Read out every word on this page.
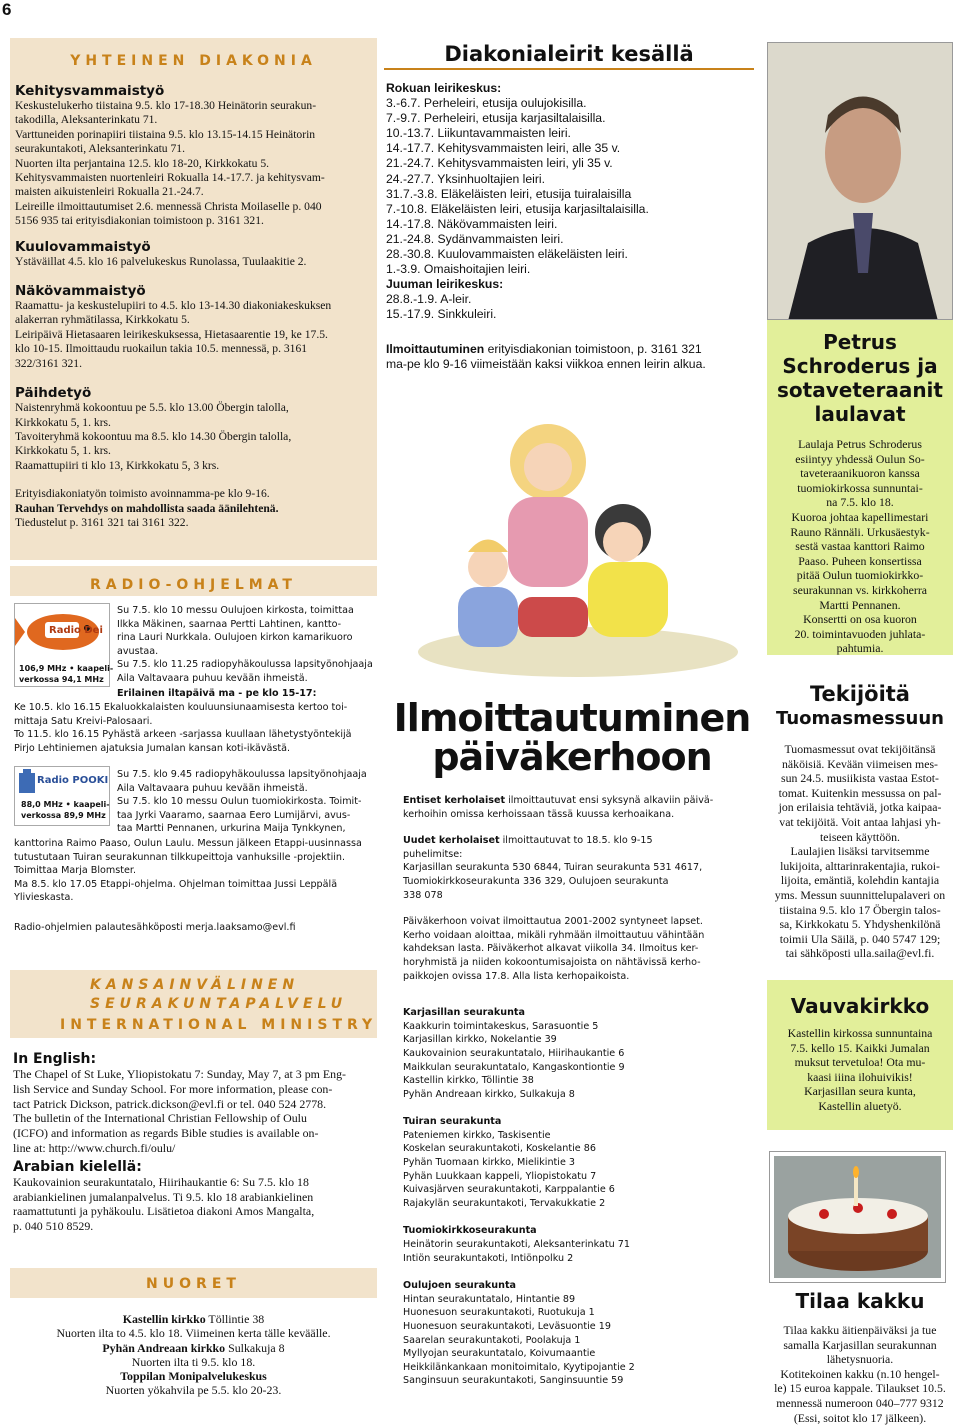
6
YHTEINEN DIAKONIA
Kehitysvammaistyö
Keskustelukerho tiistaina 9.5. klo 17-18.30 Heinätorin seurakun-
takodilla, Aleksanterinkatu 71.
Varttuneiden porinapiiri tiistaina 9.5. klo 13.15-14.15 Heinätorin
seurakuntakoti, Aleksanterinkatu 71.
Nuorten ilta perjantaina 12.5. klo 18-20, Kirkkokatu 5.
Kehitysvammaisten nuortenleiri Rokualla 14.-17.7. ja kehitysvam-
maisten aikuistenleiri Rokualla 21.-24.7.
Leireille ilmoittautumiset 2.6. mennessä Christa Moilaselle p. 040
5156 935 tai erityisdiakonian toimistoon p. 3161 321.
Kuulovammaistyö
Ystäväillat 4.5. klo 16 palvelukeskus Runolassa, Tuulaakitie 2.
Näkövammaistyö
Raamattu- ja keskustelupiiri to 4.5. klo 13-14.30 diakoniakeskuksen
alakerran ryhmätilassa, Kirkkokatu 5.
Leiripäivä Hietasaaren leirikeskuksessa, Hietasaarentie 19, ke 17.5.
klo 10-15. Ilmoittaudu ruokailun takia 10.5. mennessä, p. 3161
322/3161 321.
Päihdetyö
Naistenryhmä kokoontuu pe 5.5. klo 13.00 Öbergin talolla,
Kirkkokatu 5, 1. krs.
Tavoiteryhmä kokoontuu ma 8.5. klo 14.30 Öbergin talolla,
Kirkkokatu 5, 1. krs.
Raamattupiiri ti klo 13, Kirkkokatu 5, 3 krs.
Erityisdiakoniatyön toimisto avoinnamma-pe klo 9-16.
Rauhan Tervehdys on mahdollista saada äänilehtenä.
Tiedustelut p. 3161 321 tai 3161 322.
RADIO-OHJELMAT
Radio Dei
106,9 MHz • kaapeli-
verkossa 94,1 MHz
Su 7.5. klo 10 messu Oulujoen kirkosta, toimittaa
Ilkka Mäkinen, saarnaa Pertti Lahtinen, kantto-
rina Lauri Nurkkala. Oulujoen kirkon kamarikuoro
avustaa.
Su 7.5. klo 11.25 radiopyhäkoulussa lapsityönohjaaja
Aila Valtavaara puhuu kevään ihmeistä.
Erilainen iltapäivä ma - pe klo 15-17:
Ke 10.5. klo 16.15 Ekaluokkalaisten kouluunsiunaamisesta kertoo toi-
mittaja Satu Kreivi-Palosaari.
To 11.5. klo 16.15 Pyhästä arkeen -sarjassa kuullaan lähetystyöntekijä
Pirjo Lehtiniemen ajatuksia Jumalan kansan koti-ikävästä.
Radio POOKI
88,0 MHz • kaapeli-
verkossa 89,9 MHz
Su 7.5. klo 9.45 radiopyhäkoulussa lapsityönohjaaja
Aila Valtavaara puhuu kevään ihmeistä.
Su 7.5. klo 10 messu Oulun tuomiokirkosta. Toimit-
taa Jyrki Vaaramo, saarnaa Eero Lumijärvi, avus-
taa Martti Pennanen, urkurina Maija Tynkkynen,
kanttorina Raimo Paaso, Oulun Laulu. Messun jälkeen Etappi-uusinnassa
tutustutaan Tuiran seurakunnan tilkkupeittoja vanhuksille -projektiin.
Toimittaa Marja Blomster.
Ma 8.5. klo 17.05 Etappi-ohjelma. Ohjelman toimittaa Jussi Leppälä
Ylivieskasta.
Radio-ohjelmien palautesähköposti merja.laaksamo@evl.fi
KANSAINVÄLINEN
SEURAKUNTAPALVELU
INTERNATIONAL MINISTRY
In English:
The Chapel of St Luke, Yliopistokatu 7: Sunday, May 7, at 3 pm Eng-
lish Service and Sunday School. For more information, please con-
tact Patrick Dickson, patrick.dickson@evl.fi or tel. 040 524 2778.
The bulletin of the International Christian Fellowship of Oulu
(ICFO) and information as regards Bible studies is available on-
line at: http://www.church.fi/oulu/
Arabian kielellä:
Kaukovainion seurakuntatalo, Hiirihaukantie 6: Su 7.5. klo 18
arabiankielinen jumalanpalvelus. Ti 9.5. klo 18 arabiankielinen
raamattutunti ja pyhäkoulu. Lisätietoa diakoni Amos Mangalta,
p. 040 510 8529.
NUORET
Kastellin kirkko Töllintie 38
Nuorten ilta to 4.5. klo 18. Viimeinen kerta tälle keväälle.
Pyhän Andreaan kirkko Sulkakuja 8
Nuorten ilta ti 9.5. klo 18.
Toppilan Monipalvelukeskus
Nuorten yökahvila pe 5.5. klo 20-23.
Diakonialeirit kesällä
Rokuan leirikeskus:
3.-6.7. Perheleiri, etusija oulujokisilla.
7.-9.7. Perheleiri, etusija karjasiltalaisilla.
10.-13.7. Liikuntavammaisten leiri.
14.-17.7. Kehitysvammaisten leiri, alle 35 v.
21.-24.7. Kehitysvammaisten leiri, yli 35 v.
24.-27.7. Yksinhuoltajien leiri.
31.7.-3.8. Eläkeläisten leiri, etusija tuiralaisilla
7.-10.8. Eläkeläisten leiri, etusija karjasiltalaisilla.
14.-17.8. Näkövammaisten leiri.
21.-24.8. Sydänvammaisten leiri.
28.-30.8. Kuulovammaisten eläkeläisten leiri.
1.-3.9. Omaishoitajien leiri.
Juuman leirikeskus:
28.8.-1.9. A-leir.
15.-17.9. Sinkkuleiri.
Ilmoittautuminen erityisdiakonian toimistoon, p. 3161 321
ma-pe klo 9-16 viimeistään kaksi viikkoa ennen leirin alkua.
Ilmoittautuminen
päiväkerhoon
Entiset kerholaiset ilmoittautuvat ensi syksynä alkaviin päivä-
kerhoihin omissa kerhoissaan tässä kuussa kerhoaikana.
Uudet kerholaiset ilmoittautuvat to 18.5. klo 9-15
puhelimitse:
Karjasillan seurakunta 530 6844, Tuiran seurakunta 531 4617,
Tuomiokirkkoseurakunta 336 329, Oulujoen seurakunta
338 078
Päiväkerhoon voivat ilmoittautua 2001-2002 syntyneet lapset.
Kerho voidaan aloittaa, mikäli ryhmään ilmoittautuu vähintään
kahdeksan lasta. Päiväkerhot alkavat viikolla 34. Ilmoitus ker-
horyhmistä ja niiden kokoontumisajoista on nähtävissä kerho-
paikkojen ovissa 17.8. Alla lista kerhopaikoista.
Karjasillan seurakunta
Kaakkurin toimintakeskus, Sarasuontie 5
Karjasillan kirkko, Nokelantie 39
Kaukovainion seurakuntatalo, Hiirihaukantie 6
Maikkulan seurakuntatalo, Kangaskontiontie 9
Kastellin kirkko, Töllintie 38
Pyhän Andreaan kirkko, Sulkakuja 8
Tuiran seurakunta
Pateniemen kirkko, Taskisentie
Koskelan seurakuntakoti, Koskelantie 86
Pyhän Tuomaan kirkko, Mielikintie 3
Pyhän Luukkaan kappeli, Yliopistokatu 7
Kuivasjärven seurakuntakoti, Karppalantie 6
Rajakylän seurakuntakoti, Tervakukkatie 2
Tuomiokirkkoseurakunta
Heinätorin seurakuntakoti, Aleksanterinkatu 71
Intiön seurakuntakoti, Intiönpolku 2
Oulujoen seurakunta
Hintan seurakuntatalo, Hintantie 89
Huonesuon seurakuntakoti, Ruotukuja 1
Huonesuon seurakuntakoti, Leväsuontie 19
Saarelan seurakuntakoti, Poolakuja 1
Myllyojan seurakuntatalo, Koivumaantie
Heikkilänkankaan monitoimitalo, Kyytipojantie 2
Sanginsuun seurakuntakoti, Sanginsuuntie 59
Petrus
Schroderus ja
sotaveteraanit
laulavat
Laulaja Petrus Schroderus
esiintyy yhdessä Oulun So-
taveteraanikuoron kanssa
tuomiokirkossa sunnuntai-
na 7.5. klo 18.
Kuoroa johtaa kapellimestari
Rauno Rännäli. Urkusäestyk-
sestä vastaa kanttori Raimo
Paaso. Puheen konsertissa
pitää Oulun tuomiokirkko-
seurakunnan vs. kirkkoherra
Martti Pennanen.
Konsertti on osa kuoron
20. toimintavuoden juhlata-
pahtumia.
Tekijöitä
Tuomasmessuun
Tuomasmessut ovat tekijöitänsä
näköisiä. Kevään viimeisen mes-
sun 24.5. musiikista vastaa Estot-
tomat. Kuitenkin messussa on pal-
jon erilaisia tehtäviä, jotka kaipaa-
vat tekijöitä. Voit antaa lahjasi yh-
teiseen käyttöön.
Laulajien lisäksi tarvitsemme
lukijoita, alttarinrakentajia, rukoi-
lijoita, emäntiä, kolehdin kantajia
yms. Messun suunnittelupalaveri on
tiistaina 9.5. klo 17 Öbergin talos-
sa, Kirkkokatu 5. Yhdyshenkilönä
toimii Ula Säilä, p. 040 5747 129;
tai sähköposti ulla.saila@evl.fi.
Vauvakirkko
Kastellin kirkossa sunnuntaina
7.5. kello 15. Kaikki Jumalan
muksut tervetuloa! Ota mu-
kaasi iiina ilohuivikis!
Karjasillan seura kunta,
Kastellin aluetyö.
Tilaa kakku
Tilaa kakku äitienpäiväksi ja tue
samalla Karjasillan seurakunnan
lähetysnuoria.
Kotitekoinen kakku (n.10 hengel-
le) 15 euroa kappale. Tilaukset 10.5.
mennessä numeroon 040–777 9312
(Essi, soitot klo 17 jälkeen).
